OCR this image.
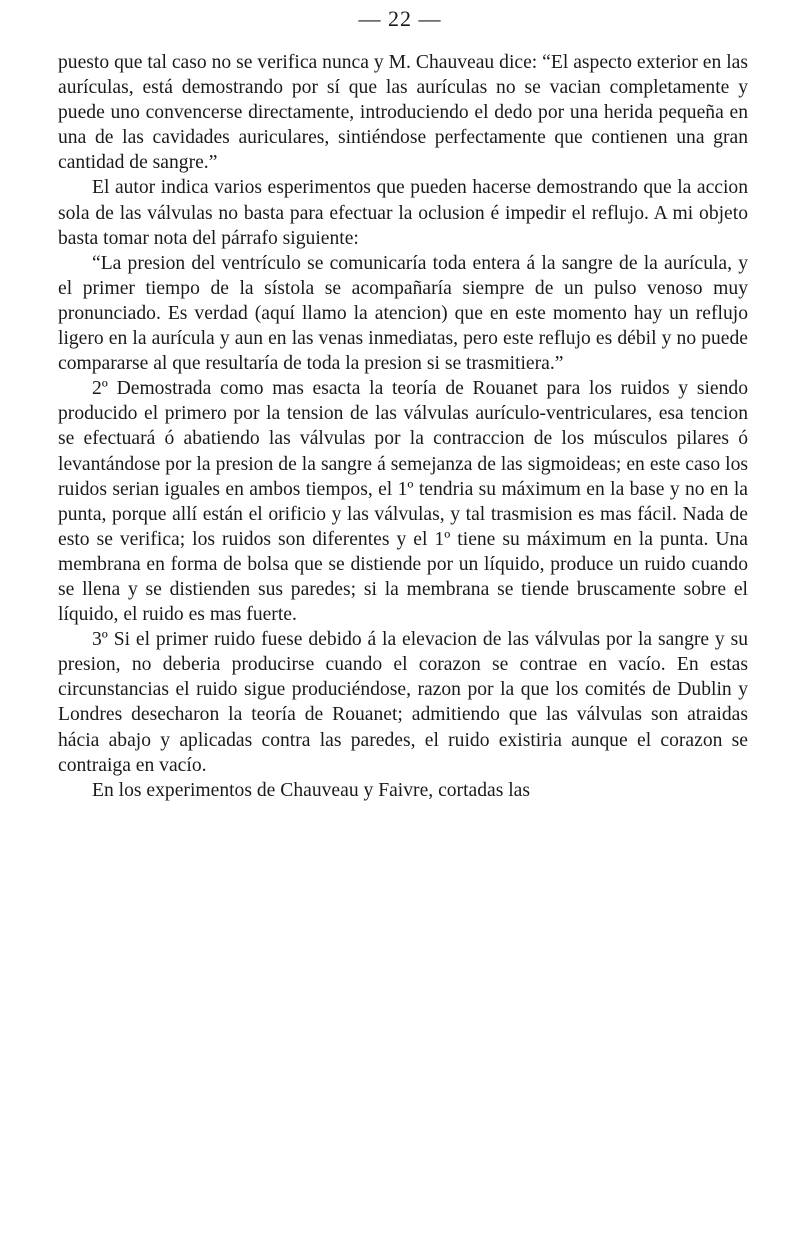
— 22 —

puesto que tal caso no se verifica nunca y M. Chauveau dice: “El aspecto exterior en las aurículas, está demostrando por sí que las aurículas no se vacian completamente y puede uno convencerse directamente, introduciendo el dedo por una herida pequeña en una de las cavidades auriculares, sintiéndose perfectamente que contienen una gran cantidad de sangre.”

El autor indica varios esperimentos que pueden hacerse demostrando que la accion sola de las válvulas no basta para efectuar la oclusion é impedir el reflujo. A mi objeto basta tomar nota del párrafo siguiente:

“La presion del ventrículo se comunicaría toda entera á la sangre de la aurícula, y el primer tiempo de la sístola se acompañaría siempre de un pulso venoso muy pronunciado. Es verdad (aquí llamo la atencion) que en este momento hay un reflujo ligero en la aurícula y aun en las venas inmediatas, pero este reflujo es débil y no puede compararse al que resultaría de toda la presion si se trasmitiera.”

2º Demostrada como mas esacta la teoría de Rouanet para los ruidos y siendo producido el primero por la tension de las válvulas aurículo-ventriculares, esa tencion se efectuará ó abatiendo las válvulas por la contraccion de los músculos pilares ó levantándose por la presion de la sangre á semejanza de las sigmoideas; en este caso los ruidos serian iguales en ambos tiempos, el 1º tendria su máximum en la base y no en la punta, porque allí están el orificio y las válvulas, y tal trasmision es mas fácil. Nada de esto se verifica; los ruidos son diferentes y el 1º tiene su máximum en la punta. Una membrana en forma de bolsa que se distiende por un líquido, produce un ruido cuando se llena y se distienden sus paredes; si la membrana se tiende bruscamente sobre el líquido, el ruido es mas fuerte.

3º Si el primer ruido fuese debido á la elevacion de las válvulas por la sangre y su presion, no deberia producirse cuando el corazon se contrae en vacío. En estas circunstancias el ruido sigue produciéndose, razon por la que los comités de Dublin y Londres desecharon la teoría de Rouanet; admitiendo que las válvulas son atraidas hácia abajo y aplicadas contra las paredes, el ruido existiria aunque el corazon se contraiga en vacío.

En los experimentos de Chauveau y Faivre, cortadas las
